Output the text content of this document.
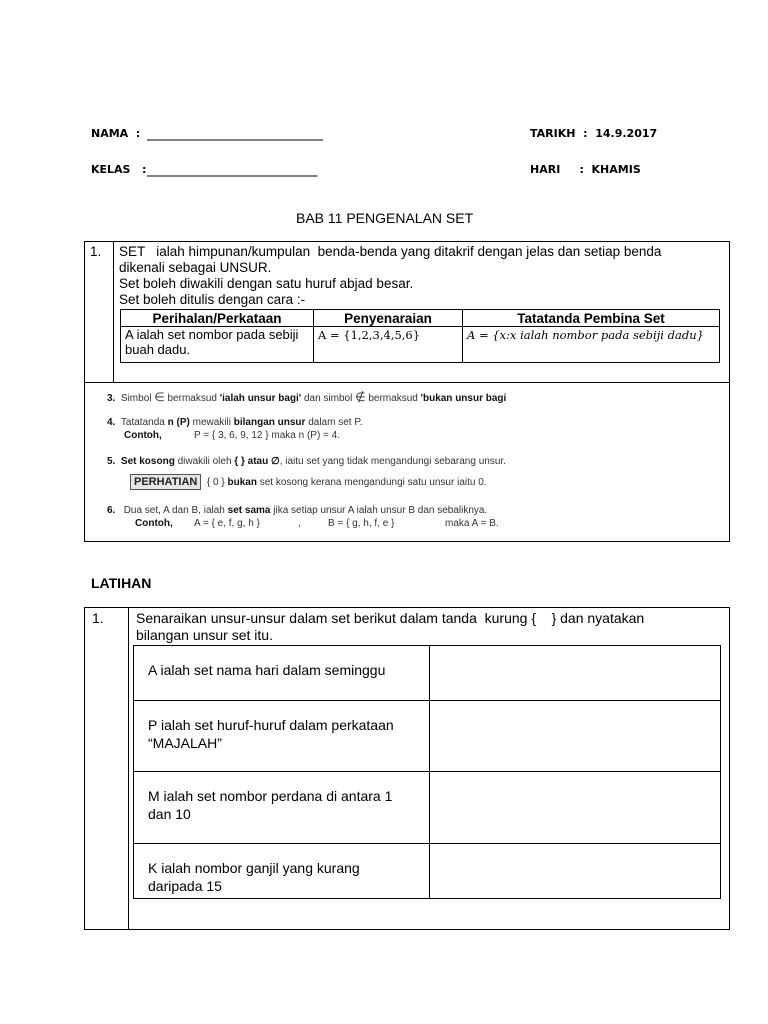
NAMA : ________________________________
KELAS : _______________________________
TARIKH : 14.9.2017
HARI : KHAMIS
BAB 11 PENGENALAN SET
1. SET   ialah himpunan/kumpulan  benda-benda yang ditakrif dengan jelas dan setiap benda
dikenali sebagai UNSUR.
Set boleh diwakili dengan satu huruf abjad besar.
Set boleh ditulis dengan cara :-
Perihalan/Perkataan	Penyenaraian	Tatatanda Pembina Set
A ialah set nombor pada sebiji buah dadu.	A = {1,2,3,4,5,6}	A = {x:x ialah nombor pada sebiji dadu}
3. Simbol ∈ bermaksud 'ialah unsur bagi' dan simbol ∉ bermaksud 'bukan unsur bagi
4. Tatatanda n (P) mewakili bilangan unsur dalam set P.
Contoh,	P = { 3, 6, 9, 12 } maka n (P) = 4.
5. Set kosong diwakili oleh { } atau ∅, iaitu set yang tidak mengandungi sebarang unsur.
PERHATIAN { 0 } bukan set kosong kerana mengandungi satu unsur iaitu 0.
6. Dua set, A dan B, ialah set sama jika setiap unsur A ialah unsur B dan sebaliknya.
Contoh, A = { e, f, g, h }	,	B = { g, h, f, e }	maka A = B.
LATIHAN
1. Senaraikan unsur-unsur dalam set berikut dalam tanda  kurung {    } dan nyatakan
bilangan unsur set itu.
A ialah set nama hari dalam seminggu	
P ialah set huruf-huruf dalam perkataan
“MAJALAH”	
M ialah set nombor perdana di antara 1
dan 10	
K ialah nombor ganjil yang kurang
daripada 15	
